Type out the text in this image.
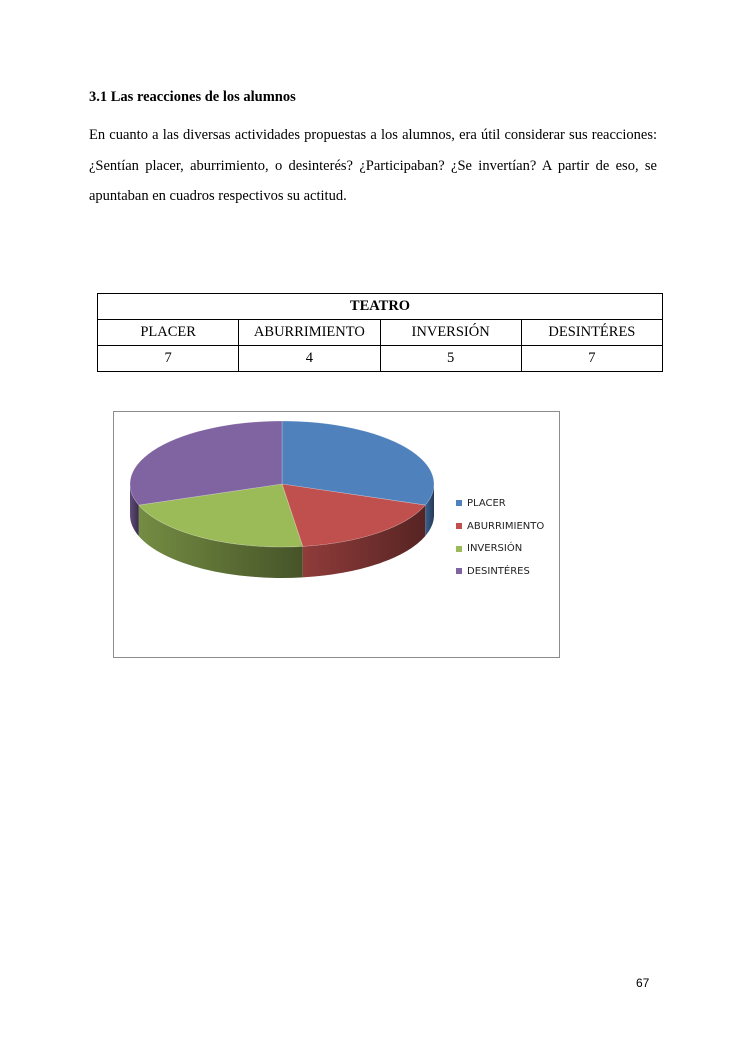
3.1 Las reacciones de los alumnos

En cuanto a las diversas actividades propuestas a los alumnos, era útil considerar sus reacciones: ¿Sentían placer, aburrimiento, o desinterés? ¿Participaban? ¿Se invertían? A partir de eso, se apuntaban en cuadros respectivos su actitud.

TEATRO			
PLACER	ABURRIMIENTO	INVERSIÓN	DESINTÉRES
7	4	5	7
PLACER
ABURRIMIENTO
INVERSIÓN
DESINTÉRES
67
